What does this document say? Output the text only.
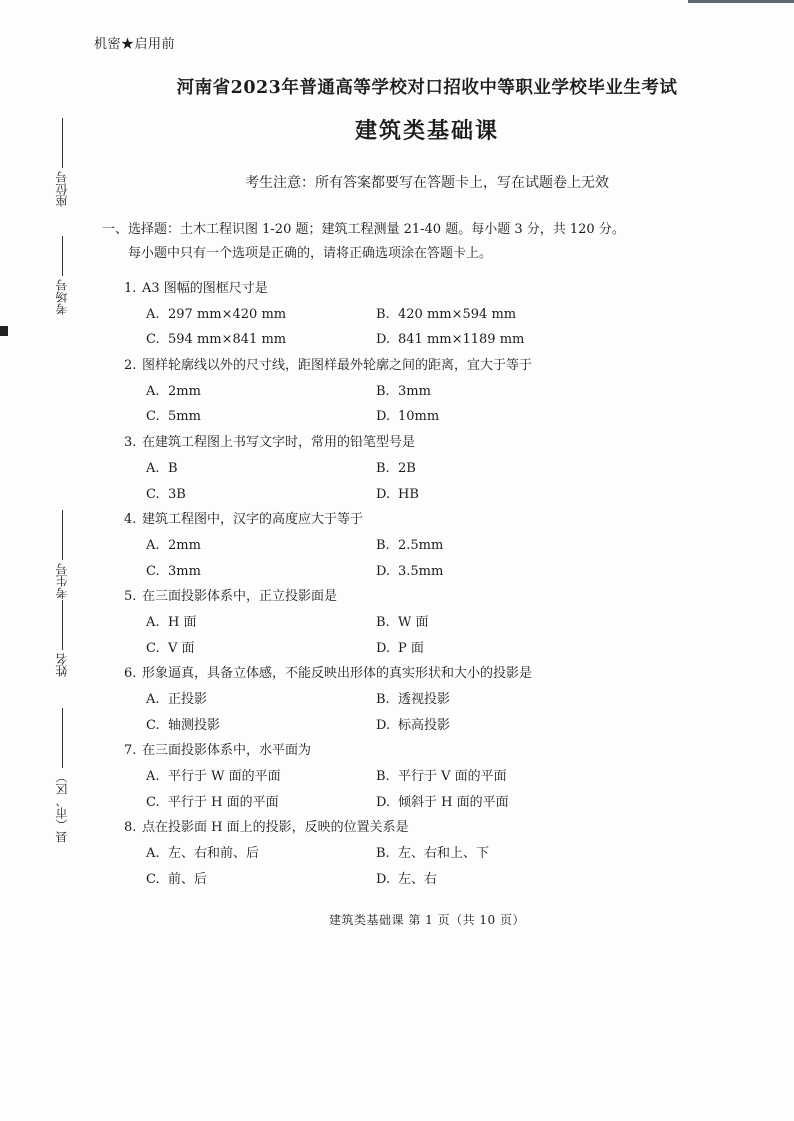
机密★启用前
河南省2023年普通高等学校对口招收中等职业学校毕业生考试
建筑类基础课
考生注意：所有答案都要写在答题卡上，写在试题卷上无效
座位号
考场号
考生号
姓名
县（市、区）
一、选择题：土木工程识图 1-20 题；建筑工程测量 21-40 题。每小题 3 分，共 120 分。
每小题中只有一个选项是正确的，请将正确选项涂在答题卡上。
1. A3 图幅的图框尺寸是
A. 297 mm×420 mm	B. 420 mm×594 mm
C. 594 mm×841 mm	D. 841 mm×1189 mm
2. 图样轮廓线以外的尺寸线，距图样最外轮廓之间的距离，宜大于等于
A. 2mm	B. 3mm
C. 5mm	D. 10mm
3. 在建筑工程图上书写文字时，常用的铅笔型号是
A. B	B. 2B
C. 3B	D. HB
4. 建筑工程图中，汉字的高度应大于等于
A. 2mm	B. 2.5mm
C. 3mm	D. 3.5mm
5. 在三面投影体系中，正立投影面是
A. H 面	B. W 面
C. V 面	D. P 面
6. 形象逼真，具备立体感，不能反映出形体的真实形状和大小的投影是
A. 正投影	B. 透视投影
C. 轴测投影	D. 标高投影
7. 在三面投影体系中，水平面为
A. 平行于 W 面的平面	B. 平行于 V 面的平面
C. 平行于 H 面的平面	D. 倾斜于 H 面的平面
8. 点在投影面 H 面上的投影，反映的位置关系是
A. 左、右和前、后	B. 左、右和上、下
C. 前、后	D. 左、右
建筑类基础课 第 1 页（共 10 页）
